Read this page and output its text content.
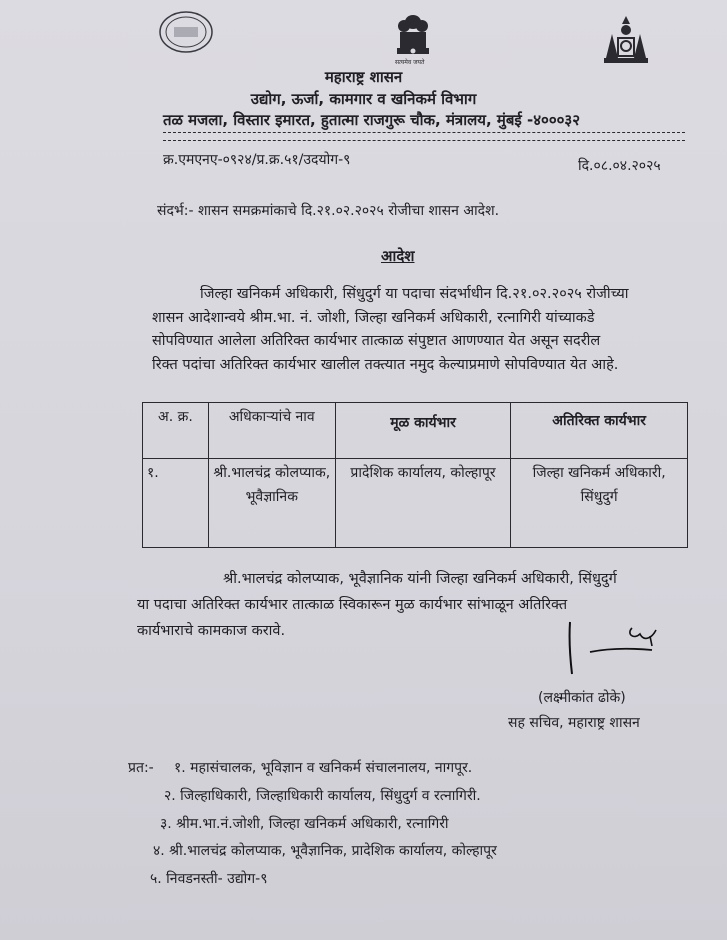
सत्यमेव जयते
महाराष्ट्र शासन
उद्योग, ऊर्जा, कामगार व खनिकर्म विभाग
तळ मजला, विस्तार इमारत, हुतात्मा राजगुरू चौक, मंत्रालय, मुंबई -४०००३२
क्र.एमएनए-०९२४/प्र.क्र.५१/उदयोग-९	दि.०८.०४.२०२५
संदर्भ:- शासन समक्रमांकाचे दि.२१.०२.२०२५ रोजीचा शासन आदेश.
आदेश
जिल्हा खनिकर्म अधिकारी, सिंधुदुर्ग या पदाचा संदर्भाधीन दि.२१.०२.२०२५ रोजीच्या
शासन आदेशान्वये श्रीम.भा. नं. जोशी, जिल्हा खनिकर्म अधिकारी, रत्नागिरी यांच्याकडे
सोपविण्यात आलेला अतिरिक्त कार्यभार तात्काळ संपुष्टात आणण्यात येत असून सदरील
रिक्त पदांचा अतिरिक्त कार्यभार खालील तक्त्यात नमुद केल्याप्रमाणे सोपविण्यात येत आहे.
अ. क्र.	अधिकाऱ्यांचे नाव	मूळ कार्यभार	अतिरिक्त कार्यभार
१.	श्री.भालचंद्र कोलप्याक, भूवैज्ञानिक	प्रादेशिक कार्यालय, कोल्हापूर	जिल्हा खनिकर्म अधिकारी, सिंधुदुर्ग
श्री.भालचंद्र कोलप्याक, भूवैज्ञानिक यांनी जिल्हा खनिकर्म अधिकारी, सिंधुदुर्ग
या पदाचा अतिरिक्त कार्यभार तात्काळ स्विकारून मुळ कार्यभार सांभाळून अतिरिक्त
कार्यभाराचे कामकाज करावे.
(लक्ष्मीकांत ढोके)
सह सचिव, महाराष्ट्र शासन
प्रत:- १. महासंचालक, भूविज्ञान व खनिकर्म संचालनालय, नागपूर.
२. जिल्हाधिकारी, जिल्हाधिकारी कार्यालय, सिंधुदुर्ग व रत्नागिरी.
३. श्रीम.भा.नं.जोशी, जिल्हा खनिकर्म अधिकारी, रत्नागिरी
४. श्री.भालचंद्र कोलप्याक, भूवैज्ञानिक, प्रादेशिक कार्यालय, कोल्हापूर
५. निवडनस्ती- उद्योग-९
